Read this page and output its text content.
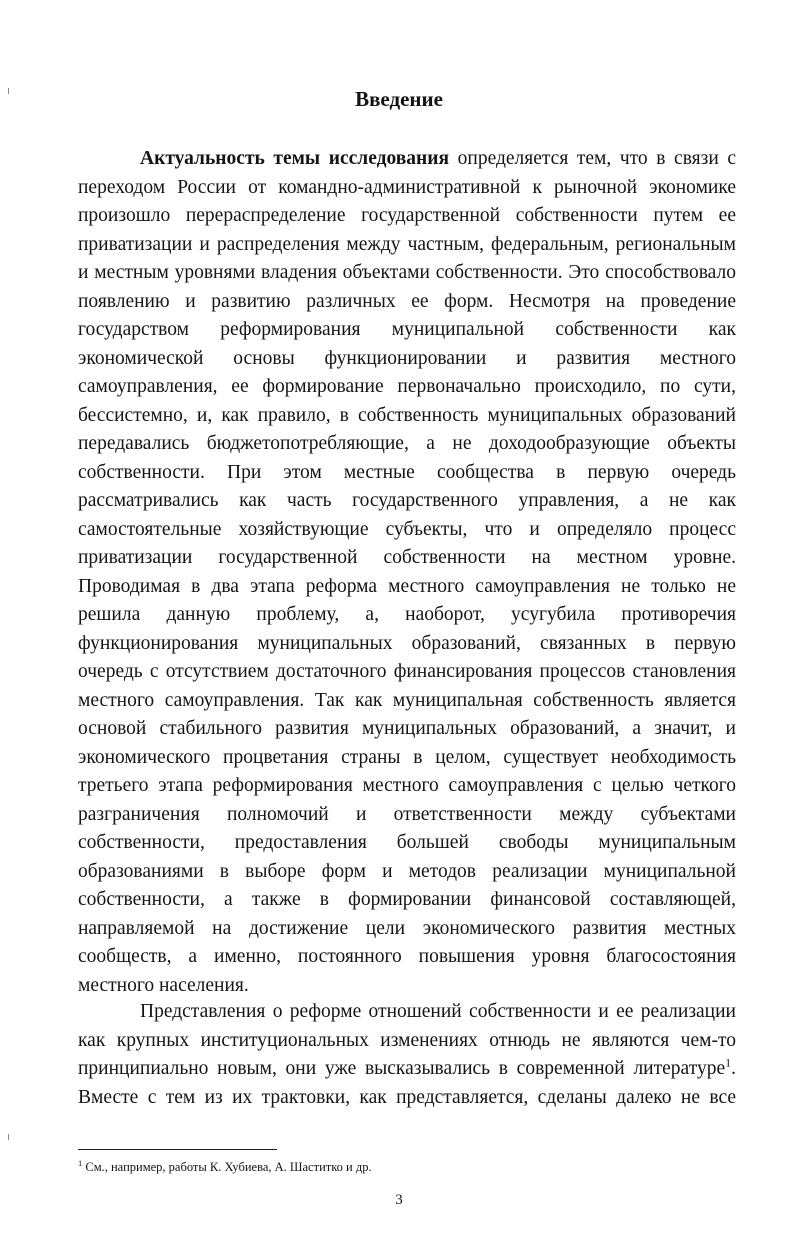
Введение
Актуальность темы исследования определяется тем, что в связи с
переходом России от командно-административной к рыночной экономике
произошло перераспределение государственной собственности путем ее
приватизации и распределения между частным, федеральным, региональным
и местным уровнями владения объектами собственности. Это способствовало
появлению и развитию различных ее форм. Несмотря на проведение
государством реформирования муниципальной собственности как
экономической основы функционировании и развития местного
самоуправления, ее формирование первоначально происходило, по сути,
бессистемно, и, как правило, в собственность муниципальных образований
передавались бюджетопотребляющие, а не доходообразующие объекты
собственности. При этом местные сообщества в первую очередь
рассматривались как часть государственного управления, а не как
самостоятельные хозяйствующие субъекты, что и определяло процесс
приватизации государственной собственности на местном уровне.
Проводимая в два этапа реформа местного самоуправления не только не
решила данную проблему, а, наоборот, усугубила противоречия
функционирования муниципальных образований, связанных в первую
очередь с отсутствием достаточного финансирования процессов становления
местного самоуправления. Так как муниципальная собственность является
основой стабильного развития муниципальных образований, а значит, и
экономического процветания страны в целом, существует необходимость
третьего этапа реформирования местного самоуправления с целью четкого
разграничения полномочий и ответственности между субъектами
собственности, предоставления большей свободы муниципальным
образованиями в выборе форм и методов реализации муниципальной
собственности, а также в формировании финансовой составляющей,
направляемой на достижение цели экономического развития местных
сообществ, а именно, постоянного повышения уровня благосостояния
местного населения.
Представления о реформе отношений собственности и ее реализации
как крупных институциональных изменениях отнюдь не являются чем-то
принципиально новым, они уже высказывались в современной литературе$^1$.
Вместе с тем из их трактовки, как представляется, сделаны далеко не все
$^1$ См., например, работы К. Хубиева, А. Шаститко и др.
3
